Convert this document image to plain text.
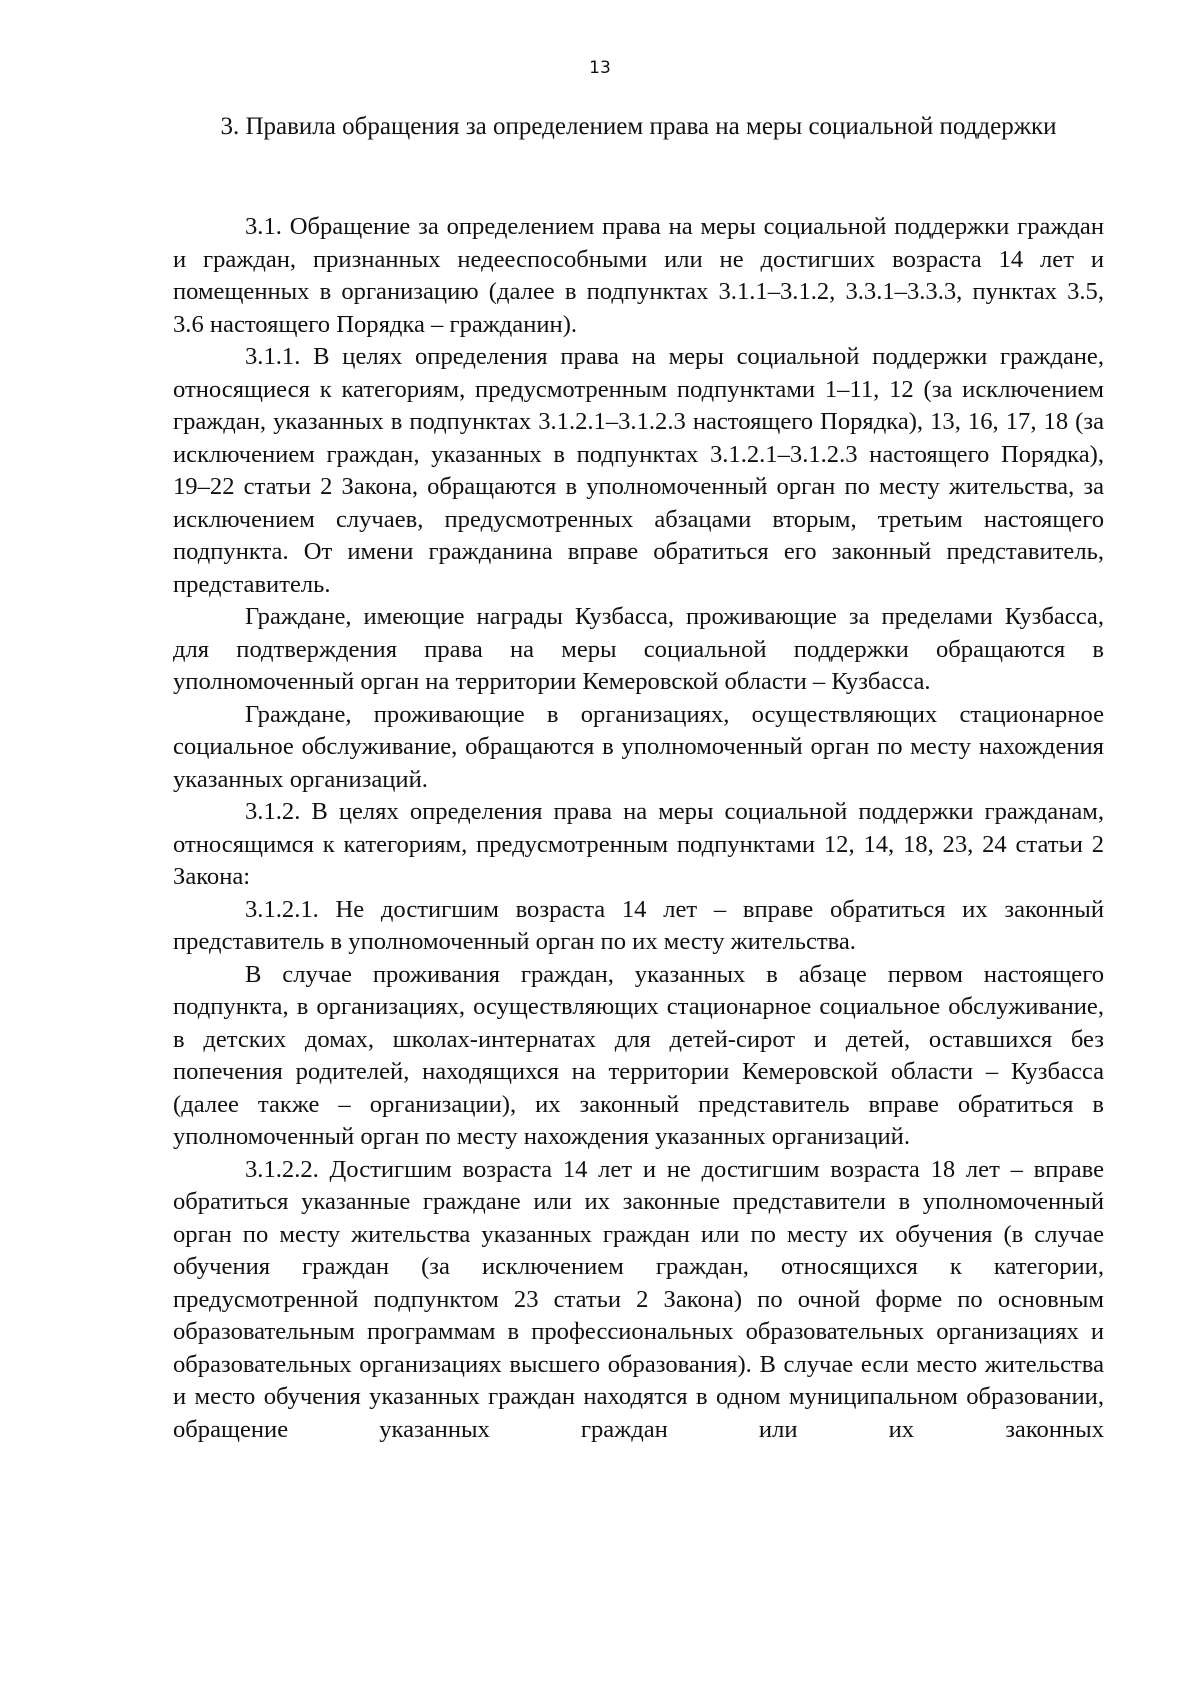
13
3. Правила обращения за определением права на меры социальной поддержки

3.1. Обращение за определением права на меры социальной поддержки граждан и граждан, признанных недееспособными или не достигших возраста 14 лет и помещенных в организацию (далее в подпунктах 3.1.1–3.1.2, 3.3.1–3.3.3, пунктах 3.5, 3.6 настоящего Порядка – гражданин).

3.1.1. В целях определения права на меры социальной поддержки граждане, относящиеся к категориям, предусмотренным подпунктами 1–11, 12 (за исключением граждан, указанных в подпунктах 3.1.2.1–3.1.2.3 настоящего Порядка), 13, 16, 17, 18 (за исключением граждан, указанных в подпунктах 3.1.2.1–3.1.2.3 настоящего Порядка), 19–22 статьи 2 Закона, обращаются в уполномоченный орган по месту жительства, за исключением случаев, предусмотренных абзацами вторым, третьим настоящего подпункта. От имени гражданина вправе обратиться его законный представитель, представитель.

Граждане, имеющие награды Кузбасса, проживающие за пределами Кузбасса, для подтверждения права на меры социальной поддержки обращаются в уполномоченный орган на территории Кемеровской области – Кузбасса.

Граждане, проживающие в организациях, осуществляющих стационарное социальное обслуживание, обращаются в уполномоченный орган по месту нахождения указанных организаций.

3.1.2. В целях определения права на меры социальной поддержки гражданам, относящимся к категориям, предусмотренным подпунктами 12, 14, 18, 23, 24 статьи 2 Закона:

3.1.2.1. Не достигшим возраста 14 лет – вправе обратиться их законный представитель в уполномоченный орган по их месту жительства.

В случае проживания граждан, указанных в абзаце первом настоящего подпункта, в организациях, осуществляющих стационарное социальное обслуживание, в детских домах, школах-интернатах для детей-сирот и детей, оставшихся без попечения родителей, находящихся на территории Кемеровской области – Кузбасса (далее также – организации), их законный представитель вправе обратиться в уполномоченный орган по месту нахождения указанных организаций.

3.1.2.2. Достигшим возраста 14 лет и не достигшим возраста 18 лет – вправе обратиться указанные граждане или их законные представители в уполномоченный орган по месту жительства указанных граждан или по месту их обучения (в случае обучения граждан (за исключением граждан, относящихся к категории, предусмотренной подпунктом 23 статьи 2 Закона) по очной форме по основным образовательным программам в профессиональных образовательных организациях и образовательных организациях высшего образования). В случае если место жительства и место обучения указанных граждан находятся в одном муниципальном образовании, обращение указанных граждан или их законных
